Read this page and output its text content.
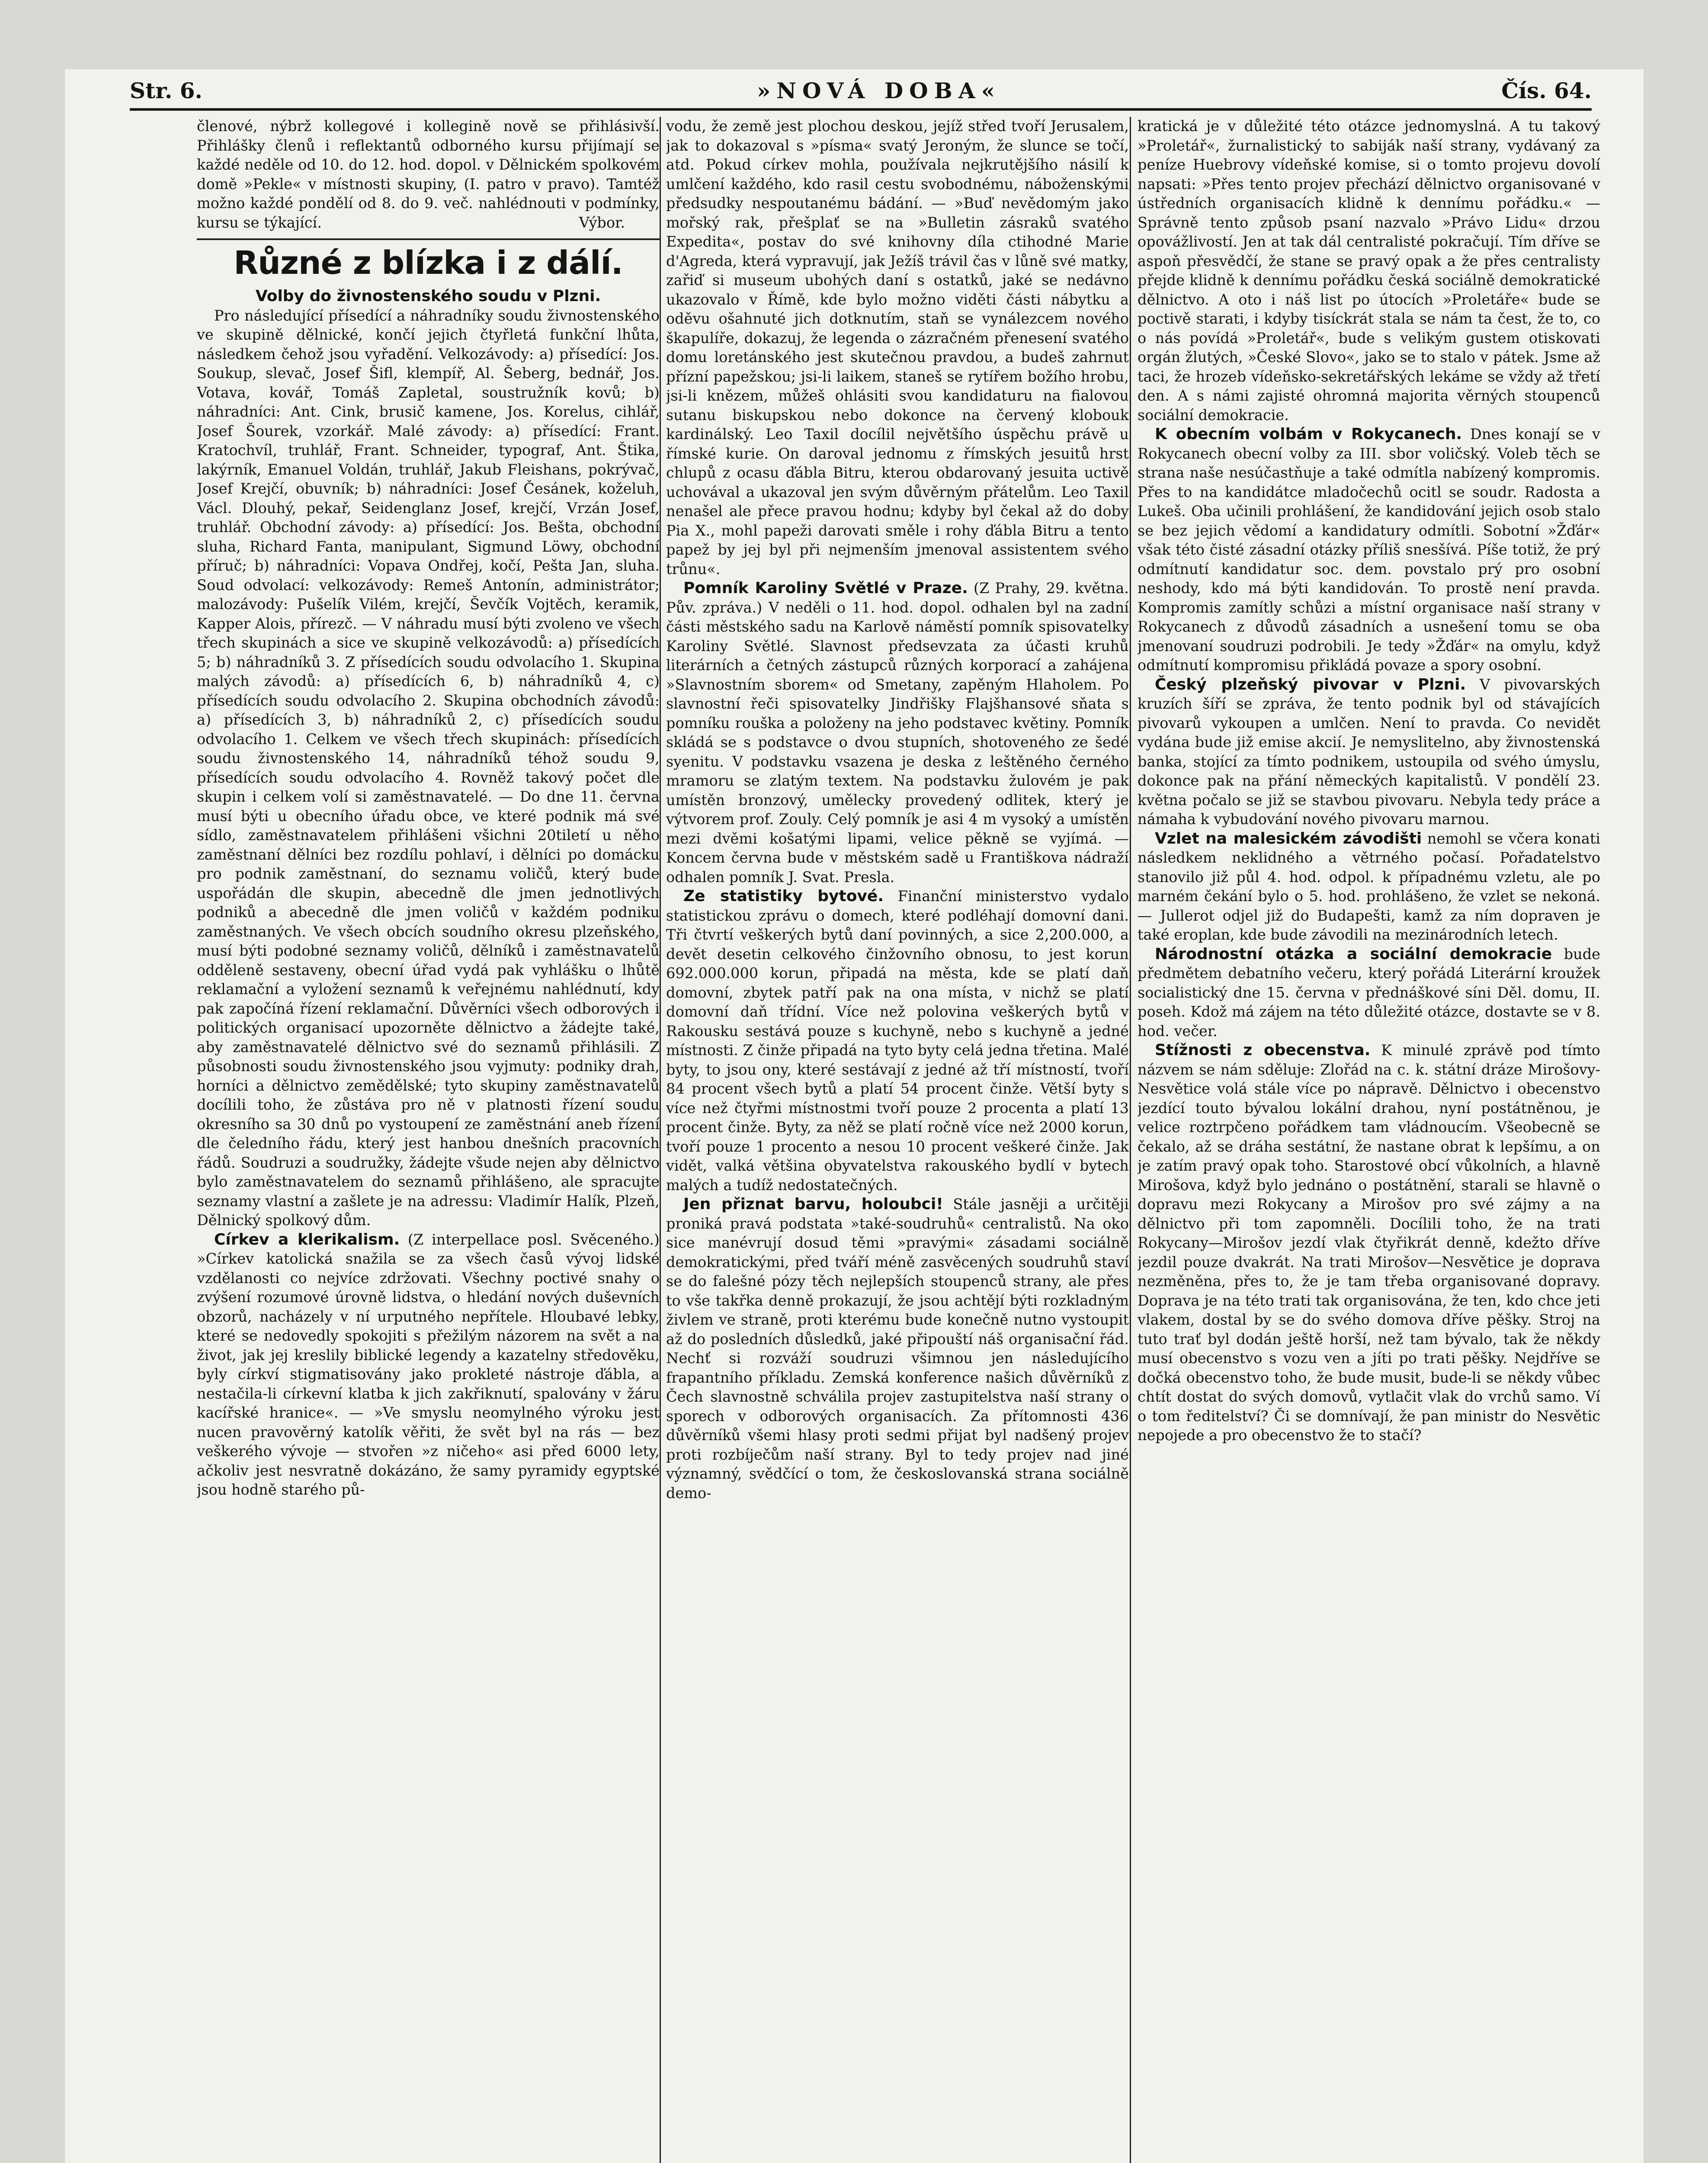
Str. 6.	»NOVÁ DOBA«	Čís. 64.

členové, nýbrž kollegové i kollegině nově se přihlásivší. Přihlášky členů i reflektantů odborného kursu přijímají se každé neděle od 10. do 12. hod. dopol. v Dělnickém spolkovém domě »Pekle« v místnosti skupiny, (I. patro v pravo). Tamtéž možno každé pondělí od 8. do 9. več. nahlédnouti v podmínky, kursu se týkající.	Výbor.

Různé z blízka i z dálí.

Volby do živnostenského soudu v Plzni.

Pro následující přísedící a náhradníky soudu živnostenského ve skupině dělnické, končí jejich čtyřletá funkční lhůta, následkem čehož jsou vyřadění. Velkozávody: a) přísedící: Jos. Soukup, slevač, Josef Šifl, klempíř, Al. Šeberg, bednář, Jos. Votava, kovář, Tomáš Zapletal, soustružník kovů; b) náhradníci: Ant. Cink, brusič kamene, Jos. Korelus, cihlář, Josef Šourek, vzorkář. Malé závody: a) přísedící: Frant. Kratochvíl, truhlář, Frant. Schneider, typograf, Ant. Štika, lakýrník, Emanuel Voldán, truhlář, Jakub Fleishans, pokrývač, Josef Krejčí, obuvník; b) náhradníci: Josef Česánek, koželuh, Václ. Dlouhý, pekař, Seidenglanz Josef, krejčí, Vrzán Josef, truhlář. Obchodní závody: a) přísedící: Jos. Bešta, obchodní sluha, Richard Fanta, manipulant, Sigmund Löwy, obchodní příruč; b) náhradníci: Vopava Ondřej, kočí, Pešta Jan, sluha. Soud odvolací: velkozávody: Remeš Antonín, administrátor; malozávody: Pušelík Vilém, krejčí, Ševčík Vojtěch, keramik, Kapper Alois, přírezč. — V náhradu musí býti zvoleno ve všech třech skupinách a sice ve skupině velkozávodů: a) přísedících 5; b) náhradníků 3. Z přísedících soudu odvolacího 1. Skupina malých závodů: a) přísedících 6, b) náhradníků 4, c) přísedících soudu odvolacího 2. Skupina obchodních závodů: a) přísedících 3, b) náhradníků 2, c) přísedících soudu odvolacího 1. Celkem ve všech třech skupinách: přísedících soudu živnostenského 14, náhradníků téhož soudu 9, přísedících soudu odvolacího 4. Rovněž takový počet dle skupin i celkem volí si zaměstnavatelé. — Do dne 11. června musí býti u obecního úřadu obce, ve které podnik má své sídlo, zaměstnavatelem přihlášeni všichni 20tiletí u něho zaměstnaní dělníci bez rozdílu pohlaví, i dělníci po domácku pro podnik zaměstnaní, do seznamu voličů, který bude uspořádán dle skupin, abecedně dle jmen jednotlivých podniků a abecedně dle jmen voličů v každém podniku zaměstnaných. Ve všech obcích soudního okresu plzeňského, musí býti podobné seznamy voličů, dělníků i zaměstnavatelů odděleně sestaveny, obecní úřad vydá pak vyhlášku o lhůtě reklamační a vyložení seznamů k veřejnému nahlédnutí, kdy pak započíná řízení reklamační. Důvěrníci všech odborových i politických organisací upozorněte dělnictvo a žádejte také, aby zaměstnavatelé dělnictvo své do seznamů přihlásili. Z působnosti soudu živnostenského jsou vyjmuty: podniky drah, horníci a dělnictvo zemědělské; tyto skupiny zaměstnavatelů docílili toho, že zůstáva pro ně v platnosti řízení soudu okresního sa 30 dnů po vystoupení ze zaměstnání aneb řízení dle čeledního řádu, který jest hanbou dnešních pracovních řádů. Soudruzi a soudružky, žádejte všude nejen aby dělnictvo bylo zaměstnavatelem do seznamů přihlášeno, ale spracujte seznamy vlastní a zašlete je na adressu: Vladimír Halík, Plzeň, Dělnický spolkový dům.

Církev a klerikalism. (Z interpellace posl. Svěceného.) »Církev katolická snažila se za všech časů vývoj lidské vzdělanosti co nejvíce zdržovati. Všechny poctivé snahy o zvýšení rozumové úrovně lidstva, o hledání nových duševních obzorů, nacházely v ní urputného nepřítele. Hloubavé lebky, které se nedovedly spokojiti s přežilým názorem na svět a na život, jak jej kreslily biblické legendy a kazatelny středověku, byly církví stigmatisovány jako prokleté nástroje ďábla, a nestačila-li církevní klatba k jich zakřiknutí, spalovány v žáru kacířské hranice«. — »Ve smyslu neomylného výroku jest nucen pravověrný katolík věřiti, že svět byl na rás — bez veškerého vývoje — stvořen »z ničeho« asi před 6000 lety, ačkoliv jest nesvratně dokázáno, že samy pyramidy egyptské jsou hodně starého pů-

vodu, že země jest plochou deskou, jejíž střed tvoří Jerusalem, jak to dokazoval s »písma« svatý Jeroným, že slunce se točí, atd. Pokud církev mohla, používala nejkrutějšího násilí k umlčení každého, kdo rasil cestu svobodnému, náboženskými předsudky nespoutanému bádání. — »Buď nevědomým jako mořský rak, přešplať se na »Bulletin zásraků svatého Expedita«, postav do své knihovny díla ctihodné Marie d'Agreda, která vypravují, jak Ježíš trávil čas v lůně své matky, zařiď si museum ubohých daní s ostatků, jaké se nedávno ukazovalo v Římě, kde bylo možno viděti části nábytku a oděvu ošahnuté jich dotknutím, staň se vynálezcem nového škapulíře, dokazuj, že legenda o zázračném přenesení svatého domu loretánského jest skutečnou pravdou, a budeš zahrnut přízní papežskou; jsi-li laikem, staneš se rytířem božího hrobu, jsi-li knězem, můžeš ohlásiti svou kandidaturu na fialovou sutanu biskupskou nebo dokonce na červený klobouk kardinálský. Leo Taxil docílil největšího úspěchu právě u římské kurie. On daroval jednomu z římských jesuitů hrst chlupů z ocasu ďábla Bitru, kterou obdarovaný jesuita uctivě uchovával a ukazoval jen svým důvěrným přátelům. Leo Taxil nenašel ale přece pravou hodnu; kdyby byl čekal až do doby Pia X., mohl papeži darovati směle i rohy ďábla Bitru a tento papež by jej byl při nejmenším jmenoval assistentem svého trůnu«.

Pomník Karoliny Světlé v Praze. (Z Prahy, 29. května. Pův. zpráva.) V neděli o 11. hod. dopol. odhalen byl na zadní části městského sadu na Karlově náměstí pomník spisovatelky Karoliny Světlé. Slavnost předsevzata za účasti kruhů literárních a četných zástupců různých korporací a zahájena »Slavnostním sborem« od Smetany, zapěným Hlaholem. Po slavnostní řeči spisovatelky Jindřišky Flajšhansové sňata s pomníku rouška a položeny na jeho podstavec květiny. Pomník skládá se s podstavce o dvou stupních, shotoveného ze šedé syenitu. V podstavku vsazena je deska z leštěného černého mramoru se zlatým textem. Na podstavku žulovém je pak umístěn bronzový, umělecky provedený odlitek, který je výtvorem prof. Zouly. Celý pomník je asi 4 m vysoký a umístěn mezi dvěmi košatými lipami, velice pěkně se vyjímá. — Koncem června bude v městském sadě u Františkova nádraží odhalen pomník J. Svat. Presla.

Ze statistiky bytové. Finanční ministerstvo vydalo statistickou zprávu o domech, které podléhají domovní dani. Tři čtvrtí veškerých bytů daní povinných, a sice 2,200.000, a devět desetin celkového činžovního obnosu, to jest korun 692.000.000 korun, připadá na města, kde se platí daň domovní, zbytek patří pak na ona místa, v nichž se platí domovní daň třídní. Více než polovina veškerých bytů v Rakousku sestává pouze s kuchyně, nebo s kuchyně a jedné místnosti. Z činže připadá na tyto byty celá jedna třetina. Malé byty, to jsou ony, které sestávají z jedné až tří místností, tvoří 84 procent všech bytů a platí 54 procent činže. Větší byty s více než čtyřmi místnostmi tvoří pouze 2 procenta a platí 13 procent činže. Byty, za něž se platí ročně více než 2000 korun, tvoří pouze 1 procento a nesou 10 procent veškeré činže. Jak vidět, valká většina obyvatelstva rakouského bydlí v bytech malých a tudíž nedostatečných.

Jen přiznat barvu, holoubci! Stále jasněji a určitěji proniká pravá podstata »také-soudruhů« centralistů. Na oko sice manévrují dosud těmi »pravými« zásadami sociálně demokratickými, před tváří méně zasvěcených soudruhů staví se do falešné pózy těch nejlepších stoupenců strany, ale přes to vše takřka denně prokazují, že jsou achtějí býti rozkladným živlem ve straně, proti kterému bude konečně nutno vystoupit až do posledních důsledků, jaké připouští náš organisační řád. Nechť si rozváží soudruzi všimnou jen následujícího frapantního příkladu. Zemská konference našich důvěrníků z Čech slavnostně schválila projev zastupitelstva naší strany o sporech v odborových organisacích. Za přítomnosti 436 důvěrníků všemi hlasy proti sedmi přijat byl nadšený projev proti rozbíječům naší strany. Byl to tedy projev nad jiné významný, svědčící o tom, že českoslovanská strana sociálně demo-

kratická je v důležité této otázce jednomyslná. A tu takový »Proletář«, žurnalistický to sabiják naší strany, vydávaný za peníze Huebrovy vídeňské komise, si o tomto projevu dovolí napsati: »Přes tento projev přechází dělnictvo organisované v ústředních organisacích klidně k dennímu pořádku.« — Správně tento způsob psaní nazvalo »Právo Lidu« drzou opovážlivostí. Jen at tak dál centralisté pokračují. Tím dříve se aspoň přesvědčí, že stane se pravý opak a že přes centralisty přejde klidně k dennímu pořádku česká sociálně demokratické dělnictvo. A oto i náš list po útocích »Proletáře« bude se poctivě starati, i kdyby tisíckrát stala se nám ta čest, že to, co o nás povídá »Proletář«, bude s velikým gustem otiskovati orgán žlutých, »České Slovo«, jako se to stalo v pátek. Jsme až taci, že hrozeb vídeňsko-sekretářských lekáme se vždy až třetí den. A s námi zajisté ohromná majorita věrných stoupenců sociální demokracie.

K obecním volbám v Rokycanech. Dnes konají se v Rokycanech obecní volby za III. sbor voličský. Voleb těch se strana naše nesúčastňuje a také odmítla nabízený kompromis. Přes to na kandidátce mladočechů ocitl se soudr. Radosta a Lukeš. Oba učinili prohlášení, že kandidování jejich osob stalo se bez jejich vědomí a kandidatury odmítli. Sobotní »Žďár« však této čisté zásadní otázky příliš snesšívá. Píše totiž, že prý odmítnutí kandidatur soc. dem. povstalo prý pro osobní neshody, kdo má býti kandidován. To prostě není pravda. Kompromis zamítly schůzi a místní organisace naší strany v Rokycanech z důvodů zásadních a usnešení tomu se oba jmenovaní soudruzi podrobili. Je tedy »Žďár« na omylu, když odmítnutí kompromisu přikládá povaze a spory osobní.

Český plzeňský pivovar v Plzni. V pivovarských kruzích šíří se zpráva, že tento podnik byl od stávajících pivovarů vykoupen a umlčen. Není to pravda. Co nevidět vydána bude již emise akcií. Je nemyslitelno, aby živnostenská banka, stojící za tímto podnikem, ustoupila od svého úmyslu, dokonce pak na přání německých kapitalistů. V pondělí 23. května počalo se již se stavbou pivovaru. Nebyla tedy práce a námaha k vybudování nového pivovaru marnou.

Vzlet na malesickém závodišti nemohl se včera konati následkem neklidného a větrného počasí. Pořadatelstvo stanovilo již půl 4. hod. odpol. k případnému vzletu, ale po marném čekání bylo o 5. hod. prohlášeno, že vzlet se nekoná. — Jullerot odjel již do Budapešti, kamž za ním dopraven je také eroplan, kde bude závodili na mezinárodních letech.

Národnostní otázka a sociální demokracie bude předmětem debatního večeru, který pořádá Literární kroužek socialistický dne 15. června v přednáškové síni Děl. domu, II. poseh. Kdož má zájem na této důležité otázce, dostavte se v 8. hod. večer.

Stížnosti z obecenstva. K minulé zprávě pod tímto názvem se nám sděluje: Zlořád na c. k. státní dráze Mirošovy-Nesvětice volá stále více po nápravě. Dělnictvo i obecenstvo jezdící touto bývalou lokální drahou, nyní postátněnou, je velice roztrpčeno pořádkem tam vládnoucím. Všeobecně se čekalo, až se dráha sestátní, že nastane obrat k lepšímu, a on je zatím pravý opak toho. Starostové obcí vůkolních, a hlavně Mirošova, když bylo jednáno o postátnění, starali se hlavně o dopravu mezi Rokycany a Mirošov pro své zájmy a na dělnictvo při tom zapomněli. Docílili toho, že na trati Rokycany—Mirošov jezdí vlak čtyřikrát denně, kdežto dříve jezdil pouze dvakrát. Na trati Mirošov—Nesvětice je doprava nezměněna, přes to, že je tam třeba organisované dopravy. Doprava je na této trati tak organisována, že ten, kdo chce jeti vlakem, dostal by se do svého domova dříve pěšky. Stroj na tuto trať byl dodán ještě horší, než tam bývalo, tak že někdy musí obecenstvo s vozu ven a jíti po trati pěšky. Nejdříve se dočká obecenstvo toho, že bude musit, bude-li se někdy vůbec chtít dostat do svých domovů, vytlačit vlak do vrchů samo. Ví o tom ředitelství? Či se domnívají, že pan ministr do Nesvětic nepojede a pro obecenstvo že to stačí?
